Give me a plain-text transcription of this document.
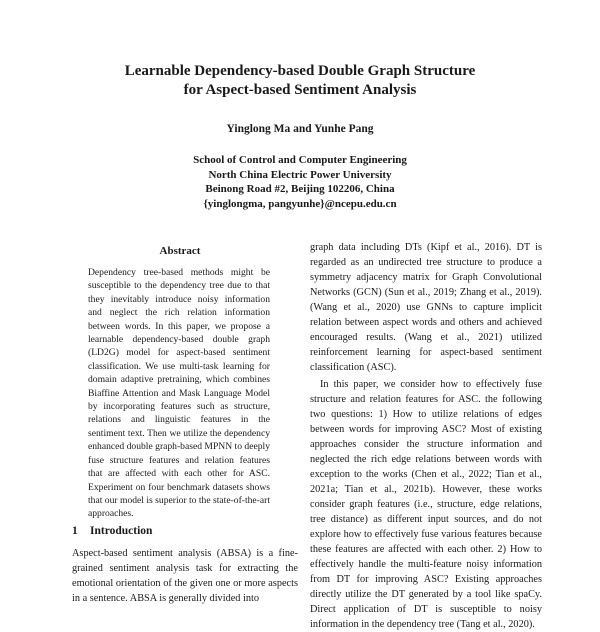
Learnable Dependency-based Double Graph Structure
for Aspect-based Sentiment Analysis
Yinglong Ma and Yunhe Pang
School of Control and Computer Engineering
North China Electric Power University
Beinong Road #2, Beijing 102206, China
{yinglongma, pangyunhe}@ncepu.edu.cn
Abstract
Dependency tree-based methods might be susceptible to the dependency tree due to that they inevitably introduce noisy information and neglect the rich relation information between words. In this paper, we propose a learnable dependency-based double graph (LD2G) model for aspect-based sentiment classification. We use multi-task learning for domain adaptive pretraining, which combines Biaffine Attention and Mask Language Model by incorporating features such as structure, relations and linguistic features in the sentiment text. Then we utilize the dependency enhanced double graph-based MPNN to deeply fuse structure features and relation features that are affected with each other for ASC. Experiment on four benchmark datasets shows that our model is superior to the state-of-the-art approaches.
1 Introduction
Aspect-based sentiment analysis (ABSA) is a fine-grained sentiment analysis task for extracting the emotional orientation of the given one or more aspects in a sentence. ABSA is generally divided into

graph data including DTs (Kipf et al., 2016). DT is regarded as an undirected tree structure to produce a symmetry adjacency matrix for Graph Convolutional Networks (GCN) (Sun et al., 2019; Zhang et al., 2019). (Wang et al., 2020) use GNNs to capture implicit relation between aspect words and others and achieved encouraged results. (Wang et al., 2021) utilized reinforcement learning for aspect-based sentiment classification (ASC).

In this paper, we consider how to effectively fuse structure and relation features for ASC. the following two questions: 1) How to utilize relations of edges between words for improving ASC? Most of existing approaches consider the structure information and neglected the rich edge relations between words with exception to the works (Chen et al., 2022; Tian et al., 2021a; Tian et al., 2021b). However, these works consider graph features (i.e., structure, edge relations, tree distance) as different input sources, and do not explore how to effectively fuse various features because these features are affected with each other. 2) How to effectively handle the multi-feature noisy information from DT for improving ASC? Existing approaches directly utilize the DT generated by a tool like spaCy. Direct application of DT is susceptible to noisy information in the dependency tree (Tang et al., 2020).
